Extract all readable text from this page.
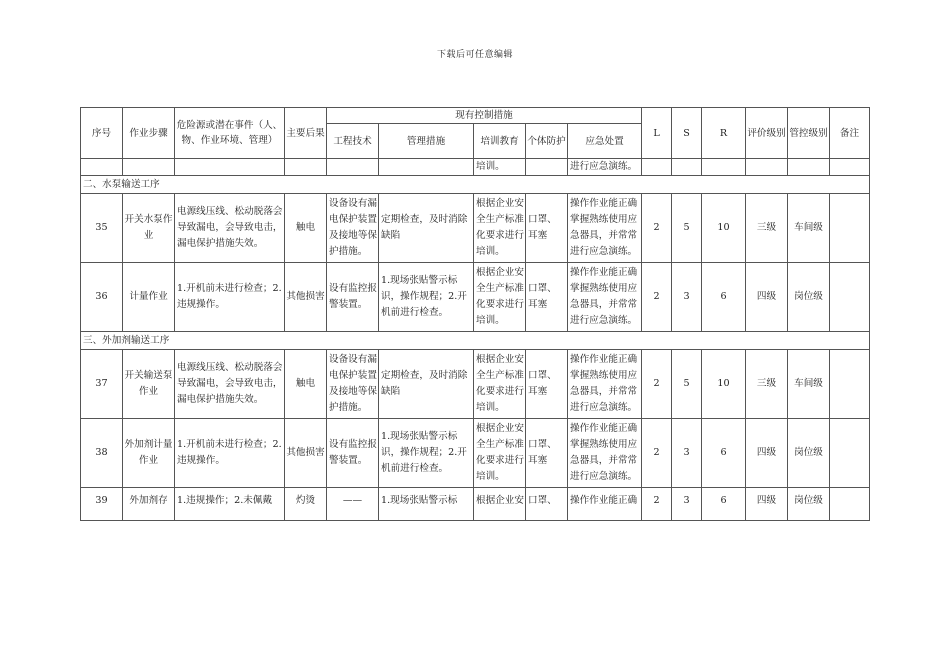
下载后可任意编辑
序号	作业步骤	危险源或潜在事件（人、物、作业环境、管理）	主要后果	现有控制措施					L	S	R	评价级别	管控级别	备注
				工程技术	管理措施	培训教育	个体防护	应急处置						
						培训。		进行应急演练。						
二、水泵输送工序														
35	开关水泵作业	电源线压线、松动脱落会导致漏电，会导致电击，漏电保护措施失效。	触电	设备设有漏电保护装置及接地等保护措施。	定期检查，及时消除缺陷	根据企业安全生产标准化要求进行培训。	口罩、耳塞	操作作业能正确掌握熟练使用应急器具，并常常进行应急演练。	2	5	10	三级	车间级	
36	计量作业	1.开机前未进行检查；2.违规操作。	其他损害	设有监控报警装置。	1.现场张贴警示标识，操作规程；2.开机前进行检查。	根据企业安全生产标准化要求进行培训。	口罩、耳塞	操作作业能正确掌握熟练使用应急器具，并常常进行应急演练。	2	3	6	四级	岗位级	
三、外加剂输送工序														
37	开关输送泵作业	电源线压线、松动脱落会导致漏电，会导致电击，漏电保护措施失效。	触电	设备设有漏电保护装置及接地等保护措施。	定期检查，及时消除缺陷	根据企业安全生产标准化要求进行培训。	口罩、耳塞	操作作业能正确掌握熟练使用应急器具，并常常进行应急演练。	2	5	10	三级	车间级	
38	外加剂计量作业	1.开机前未进行检查；2.违规操作。	其他损害	设有监控报警装置。	1.现场张贴警示标识，操作规程；2.开机前进行检查。	根据企业安全生产标准化要求进行培训。	口罩、耳塞	操作作业能正确掌握熟练使用应急器具，并常常进行应急演练。	2	3	6	四级	岗位级	
39	外加剂存	1.违规操作；2.未佩戴	灼烫	——	1.现场张贴警示标	根据企业安	口罩、	操作作业能正确	2	3	6	四级	岗位级	
